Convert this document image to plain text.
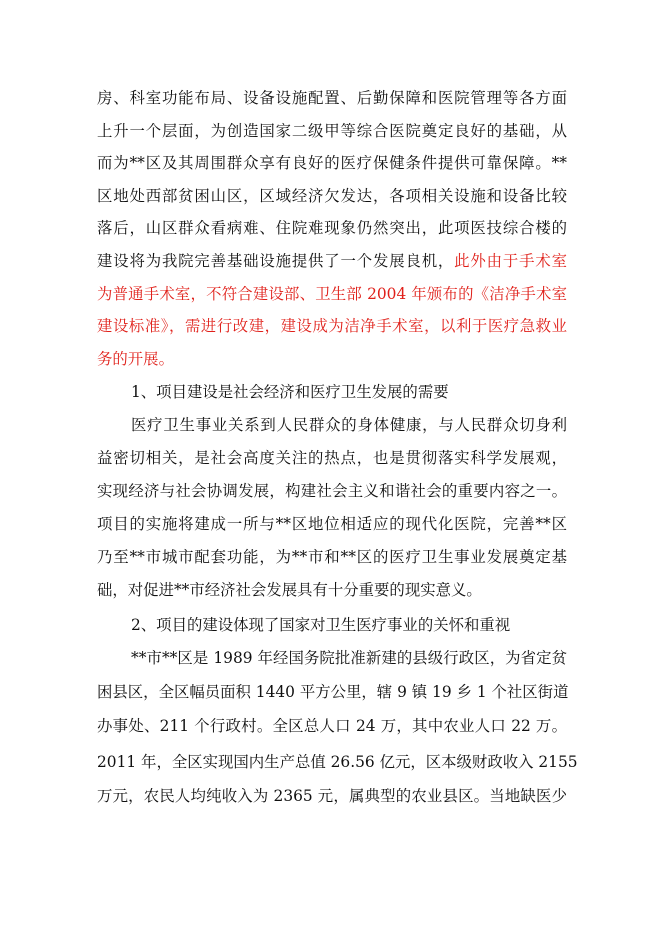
房、科室功能布局、设备设施配置、后勤保障和医院管理等各方面
上升一个层面，为创造国家二级甲等综合医院奠定良好的基础，从
而为**区及其周围群众享有良好的医疗保健条件提供可靠保障。**
区地处西部贫困山区，区域经济欠发达，各项相关设施和设备比较
落后，山区群众看病难、住院难现象仍然突出，此项医技综合楼的
建设将为我院完善基础设施提供了一个发展良机，此外由于手术室
为普通手术室，不符合建设部、卫生部 2004 年颁布的《洁净手术室
建设标准》，需进行改建，建设成为洁净手术室，以利于医疗急救业
务的开展。
1、项目建设是社会经济和医疗卫生发展的需要
医疗卫生事业关系到人民群众的身体健康，与人民群众切身利
益密切相关，是社会高度关注的热点，也是贯彻落实科学发展观，
实现经济与社会协调发展，构建社会主义和谐社会的重要内容之一。
项目的实施将建成一所与**区地位相适应的现代化医院，完善**区
乃至**市城市配套功能，为**市和**区的医疗卫生事业发展奠定基
础，对促进**市经济社会发展具有十分重要的现实意义。
2、项目的建设体现了国家对卫生医疗事业的关怀和重视
**市**区是 1989 年经国务院批准新建的县级行政区，为省定贫
困县区，全区幅员面积 1440 平方公里，辖 9 镇 19 乡 1 个社区街道
办事处、211 个行政村。全区总人口 24 万，其中农业人口 22 万。
2011 年，全区实现国内生产总值 26.56 亿元，区本级财政收入 2155
万元，农民人均纯收入为 2365 元，属典型的农业县区。当地缺医少
